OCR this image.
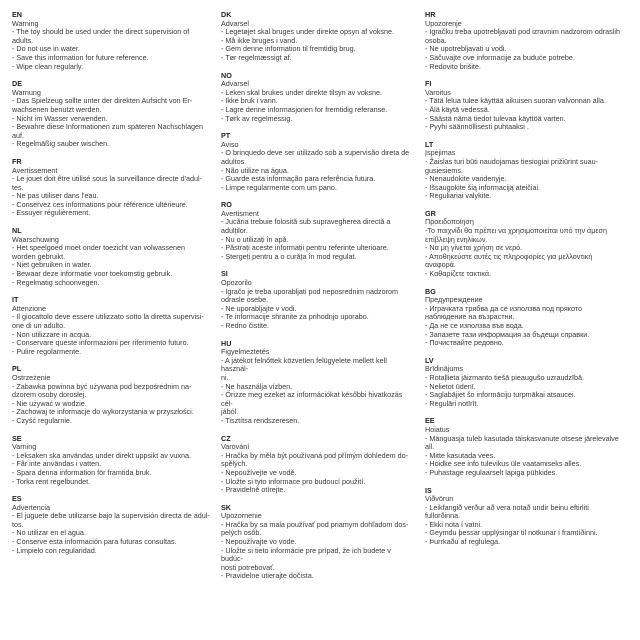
EN
Warning
- The toy should be used under the direct supervision of
adults.
- Do not use in water.
- Save this information for future reference.
- Wipe clean regularly.
DE
Warnung
- Das Spielzeug sollte unter der direkten Aufsicht von Er-
wachsenen benutzt werden.
- Nicht im Wasser verwenden.
- Bewahre diese Informationen zum späteren Nachschlagen
auf.
- Regelmäßig sauber wischen.
FR
Avertissement
- Le jouet doit être utilisé sous la surveillance directe d'adul-
tes.
- Ne pas utiliser dans l'eau.
- Conservez ces informations pour référence ultérieure.
- Essuyer régulièrement.
NL
Waarschuwing
- Het speelgoed moet onder toezicht van volwassenen
worden gebruikt.
- Niet gebruiken in water.
- Bewaar deze informatie voor toekomstig gebruik.
- Regelmatig schoonvegen.
IT
Attenzione
- Il giocattolo deve essere utilizzato sotto la diretta supervisi-
one di un adulto.
- Non utilizzare in acqua.
- Conservare queste informazioni per riferimento futuro.
- Pulire regolarmente.
PL
Ostrzeżenie
- Zabawka powinna być używana pod bezpośrednim na-
dzorem osoby dorosłej.
- Nie używać w wodzie.
- Zachowaj te informacje do wykorzystania w przyszłości.
- Czyść regularnie.
SE
Varning
- Leksaken ska användas under direkt uppsikt av vuxna.
- Får inte användas i vatten.
- Spara denna information för framtida bruk.
- Torka rent regelbundet.
ES
Advertencia
- El juguete debe utilizarse bajo la supervisión directa de adul-
tos.
- No utilizar en el agua.
- Conserve esta información para futuras consultas.
- Limpielo con regularidad.
DK
Advarsel
- Legetøjet skal bruges under direkte opsyn af voksne.
- Må ikke bruges i vand.
- Gem denne information til fremtidig brug.
- Tør regelmæssigt af.
NO
Advarsel
- Leken skal brukes under direkte tilsyn av voksne.
- Ikke bruk i vann.
- Lagre denne informasjonen for fremtidig referanse.
- Tørk av regelmessig.
PT
Aviso
- O brinquedo deve ser utilizado sob a supervisão direta de
adultos.
- Não utilize na água.
- Guarde esta informação para referência futura.
- Limpe regularmente com um pano.
RO
Avertisment
- Jucăria trebuie folosită sub supravegherea directă a
adulților.
- Nu o utilizați în apă.
- Păstrați aceste informații pentru referințe ulterioare.
- Ștergeți pentru a o curăța în mod regulat.
SI
Opozorilo
- Igračo je treba uporabljati pod neposrednim nadzorom
odrasle osebe.
- Ne uporabljajte v vodi.
- Te informacije shranite za prihodnjo uporabo.
- Redno čistite.
HU
Figyelmeztetés
- A játékot felnőttek közvetlen felügyelete mellett kell használ-
ni.
- Ne használja vízben.
- Őrizze meg ezeket az információkat későbbi hivatkozás cél-
jából.
- Tisztítsa rendszeresen.
CZ
Varování
- Hračka by měla být používaná pod přímým dohledem do-
spělých.
- Nepoužívejte ve vodě.
- Uložte si tyto informace pro budoucí použití.
- Pravidelně otírejte.
SK
Upozornenie
- Hračka by sa mala používať pod priamym dohľadom dos-
pelých osôb.
- Nepoužívajte vo vode.
- Uložte si tieto informácie pre prípad, že ich budete v budúc-
nosti potrebovať.
- Pravidelne utierajte dočista.
HR
Upozorenje
- Igračku treba upotrebljavati pod izravnim nadzorom odraslih
osoba.
- Ne upotrebljavati u vodi.
- Sačuvajte ove informacije za buduće potrebe.
- Redovito brišite.
FI
Varoitus
- Tätä lelua tulee käyttää aikuisen suoran valvonnan alla.
- Älä käytä vedessä.
- Säästä nämä tiedot tulevaa käyttöä varten.
- Pyyhi säännöllisesti puhtaaksi .
LT
Įspėjimas
- Žaislas turi būti naudojamas tiesiogiai prižiūrint suau-
gusiesiems.
- Nenaudokite vandenyje.
- Išsaugokite šią informaciją ateičiai.
- Reguliariai valykite.
GR
Προειδοποίηση
-Το παιχνίδι θα πρέπει να χρησιμοποιείται υπό την άμεση
επίβλεψη ενηλίκων.
- Να μη γίνεται χρήση σε νερό.
- Αποθηκεύστε αυτές τις πληροφορίες για μελλοντική
αναφορά.
- Καθαρίζετε τακτικά.
BG
Предупреждение
- Играчката трябва да се използва под прякото
наблюдение на възрастни.
- Да не се използва във вода.
- Запазете тази информация за бъдещи справки.
- Почиствайте редовно.
LV
Brīdinājums
- Rotaļlieta jāizmanto tiešā pieaugušo uzraudzībā.
- Nelietot ūdenī.
- Saglabājiet šo informāciju turpmākai atsaucei.
- Regulāri notīrīt.
EE
Hoiatus
- Mänguasja tuleb kasutada täiskasvanute otsese järelevalve
all.
- Mitte kasutada vees.
- Hoidke see info tulevikus üle vaatamiseks alles.
- Puhastage regulaarselt lapiga pühkides.
IS
Viðvörun
- Leikfangið verður að vera notað undir beinu eftirliti
fullorðinna.
- Ekki nota í vatni.
- Geymdu þessar upplýsingar til notkunar í framtíðinni.
- Þurrkaðu af reglulega.
